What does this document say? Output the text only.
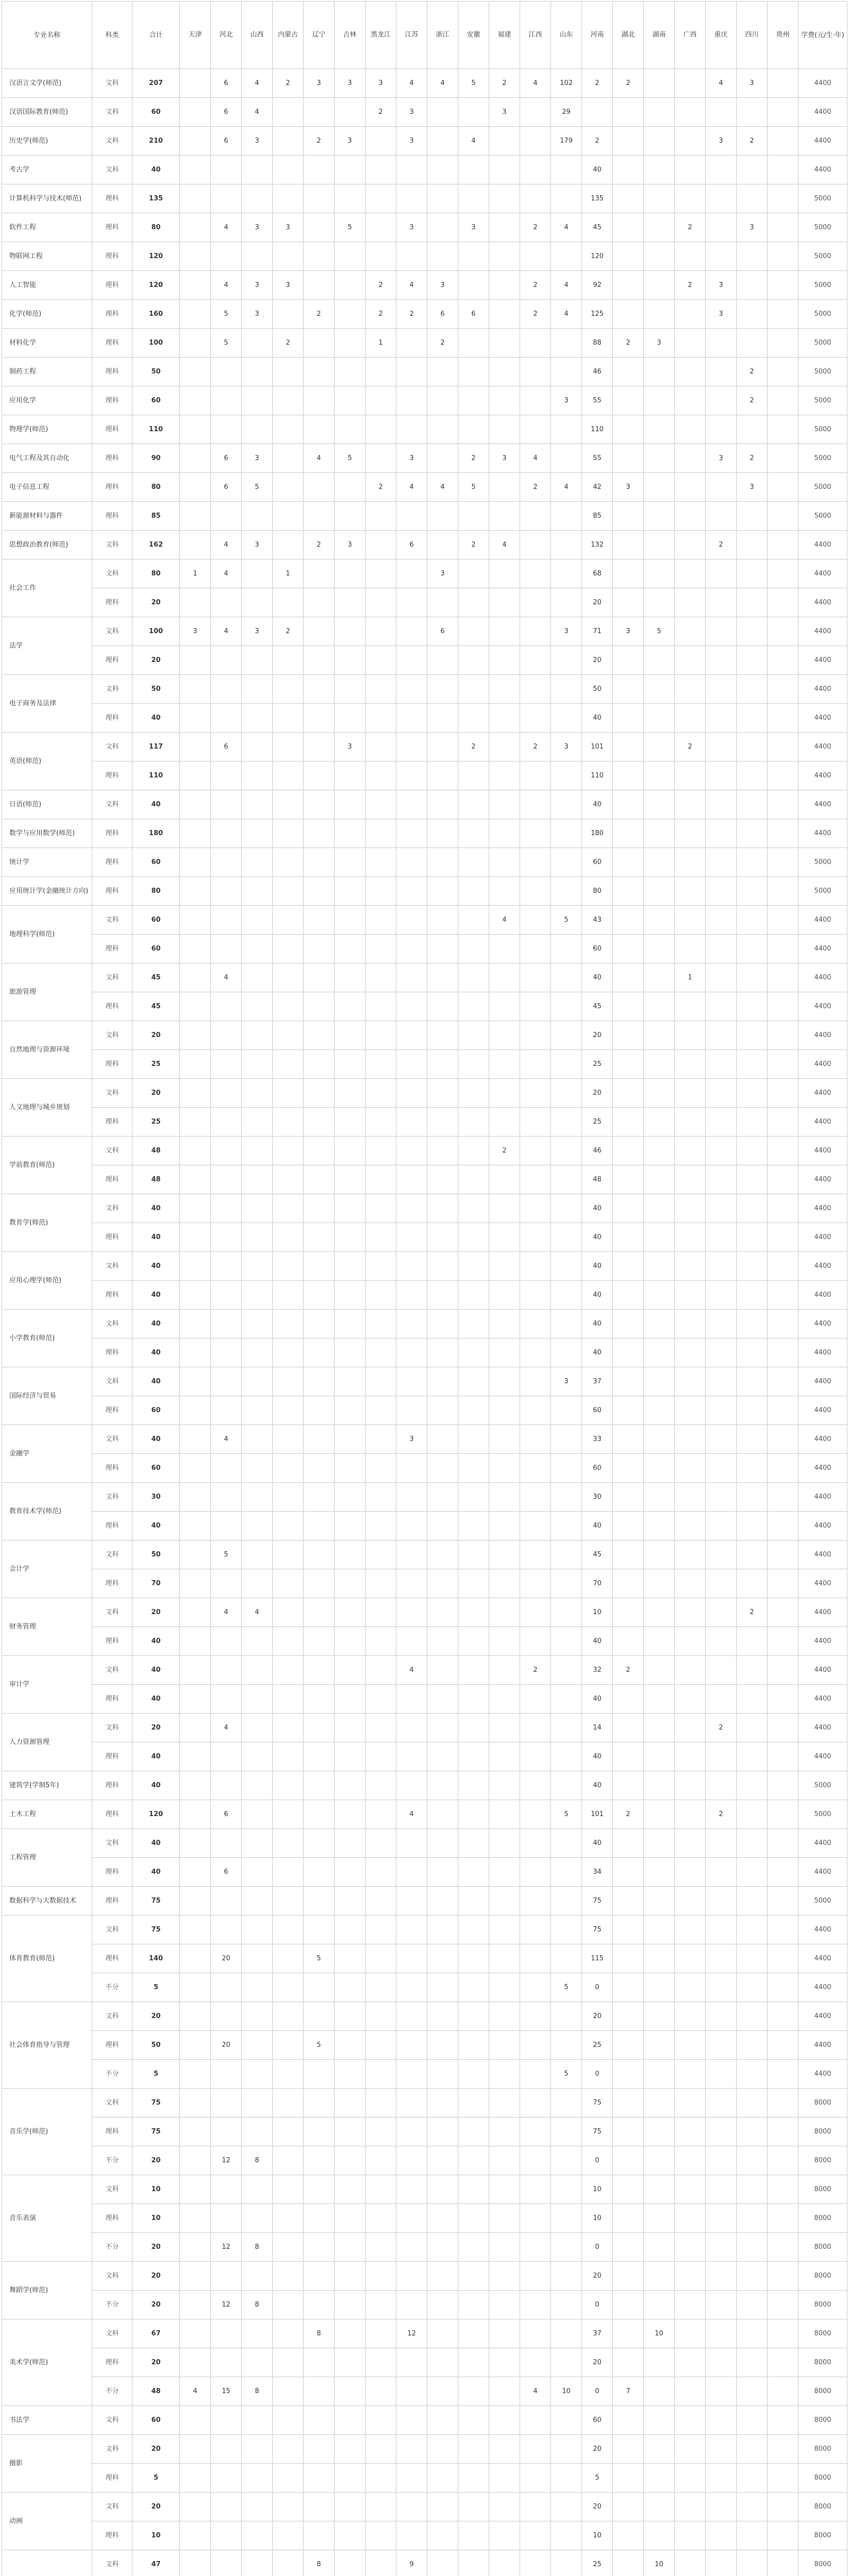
专业名称	科类	合计	天津	河北	山西	内蒙古	辽宁	吉林	黑龙江	江苏	浙江	安徽	福建	江西	山东	河南	湖北	湖南	广西	重庆	四川	贵州	学费(元/生·年)
汉语言文学(师范)	文科	207		6	4	2	3	3	3	4	4	5	2	4	102	2	2			4	3		4400
汉语国际教育(师范)	文科	60		6	4				2	3			3		29								4400
历史学(师范)	文科	210		6	3		2	3		3		4			179	2				3	2		4400
考古学	文科	40														40							4400
计算机科学与技术(师范)	理科	135														135							5000
软件工程	理科	80		4	3	3		5		3		3		2	4	45			2		3		5000
物联网工程	理科	120														120							5000
人工智能	理科	120		4	3	3			2	4	3			2	4	92			2	3			5000
化学(师范)	理科	160		5	3		2		2	2	6	6		2	4	125				3			5000
材料化学	理科	100		5		2			1		2					88	2	3					5000
制药工程	理科	50														46					2		5000
应用化学	理科	60													3	55					2		5000
物理学(师范)	理科	110														110							5000
电气工程及其自动化	理科	90		6	3		4	5		3		2	3	4		55				3	2		5000
电子信息工程	理科	80		6	5				2	4	4	5		2	4	42	3				3		5000
新能源材料与器件	理科	85														85							5000
思想政治教育(师范)	文科	162		4	3		2	3		6		2	4			132				2			4400
社会工作	文科	80	1	4		1					3					68							4400
	理科	20														20							4400
法学	文科	100	3	4	3	2					6				3	71	3	5					4400
	理科	20														20							4400
电子商务及法律	文科	50														50							4400
	理科	40														40							4400
英语(师范)	文科	117		6				3				2		2	3	101			2				4400
	理科	110														110							4400
日语(师范)	文科	40														40							4400
数学与应用数学(师范)	理科	180														180							4400
统计学	理科	60														60							5000
应用统计学(金融统计方向)	理科	80														80							5000
地理科学(师范)	文科	60											4		5	43							4400
	理科	60														60							4400
旅游管理	文科	45		4												40			1				4400
	理科	45														45							4400
自然地理与资源环境	文科	20														20							4400
	理科	25														25							4400
人文地理与城乡规划	文科	20														20							4400
	理科	25														25							4400
学前教育(师范)	文科	48											2			46							4400
	理科	48														48							4400
教育学(师范)	文科	40														40							4400
	理科	40														40							4400
应用心理学(师范)	文科	40														40							4400
	理科	40														40							4400
小学教育(师范)	文科	40														40							4400
	理科	40														40							4400
国际经济与贸易	文科	40													3	37							4400
	理科	60														60							4400
金融学	文科	40		4						3						33							4400
	理科	60														60							4400
教育技术学(师范)	文科	30														30							4400
	理科	40														40							4400
会计学	文科	50		5												45							4400
	理科	70														70							4400
财务管理	文科	20		4	4											10					2		4400
	理科	40														40							4400
审计学	文科	40								4				2		32	2						4400
	理科	40														40							4400
人力资源管理	文科	20		4												14				2			4400
	理科	40														40							4400
建筑学(学制5年)	理科	40														40							5000
土木工程	理科	120		6						4					5	101	2			2			5000
工程管理	文科	40														40							4400
	理科	40		6												34							4400
数据科学与大数据技术	理科	75														75							5000
体育教育(师范)	文科	75														75							4400
	理科	140		20			5									115							4400
	不分	5													5	0							4400
社会体育指导与管理	文科	20														20							4400
	理科	50		20			5									25							4400
	不分	5													5	0							4400
音乐学(师范)	文科	75														75							8000
	理科	75														75							8000
	不分	20		12	8											0							8000
音乐表演	文科	10														10							8000
	理科	10														10							8000
	不分	20		12	8											0							8000
舞蹈学(师范)	文科	20														20							8000
	不分	20		12	8											0							8000
美术学(师范)	文科	67					8			12						37		10					8000
	理科	20														20							8000
	不分	48	4	15	8									4	10	0	7						8000
书法学	文科	60														60							8000
摄影	文科	20														20							8000
	理科	5														5							8000
动画	文科	20														20							8000
	理科	10														10							8000
	文科	47					8			9						25		10					8000
